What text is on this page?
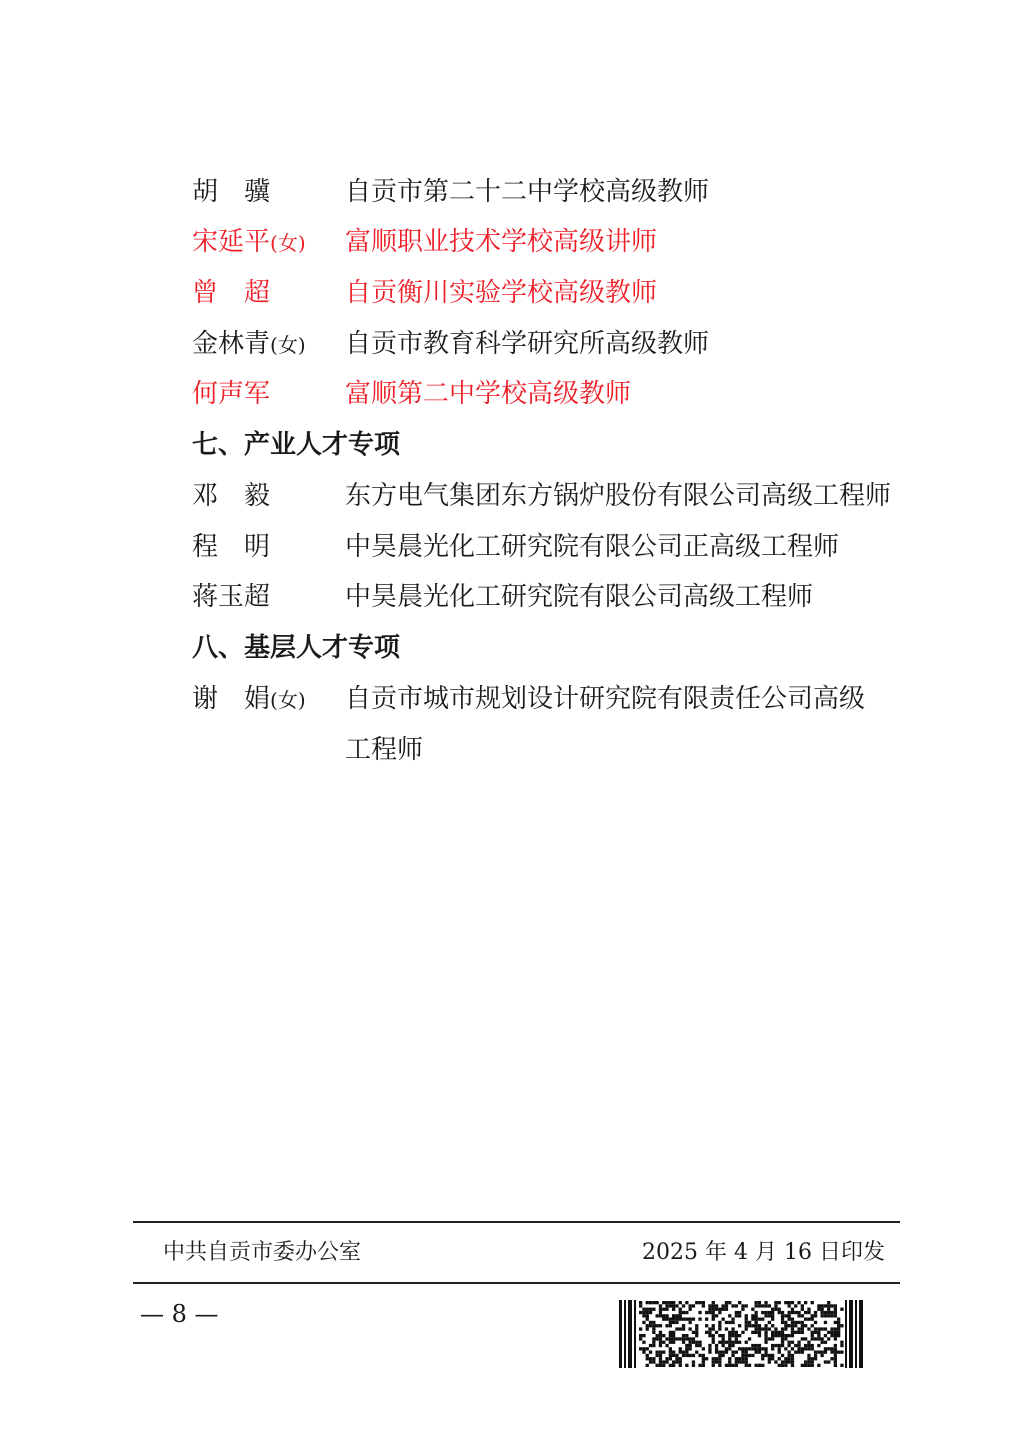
胡　骥	自贡市第二十二中学校高级教师
宋延平(女) 富顺职业技术学校高级讲师
曾　超	自贡衡川实验学校高级教师
金林青(女) 自贡市教育科学研究所高级教师
何声军	富顺第二中学校高级教师
七、产业人才专项
邓　毅	东方电气集团东方锅炉股份有限公司高级工程师
程　明	中昊晨光化工研究院有限公司正高级工程师
蒋玉超	中昊晨光化工研究院有限公司高级工程师
八、基层人才专项
谢　娟(女) 自贡市城市规划设计研究院有限责任公司高级
工程师
中共自贡市委办公室	2025 年 4 月 16 日印发
— 8 —
